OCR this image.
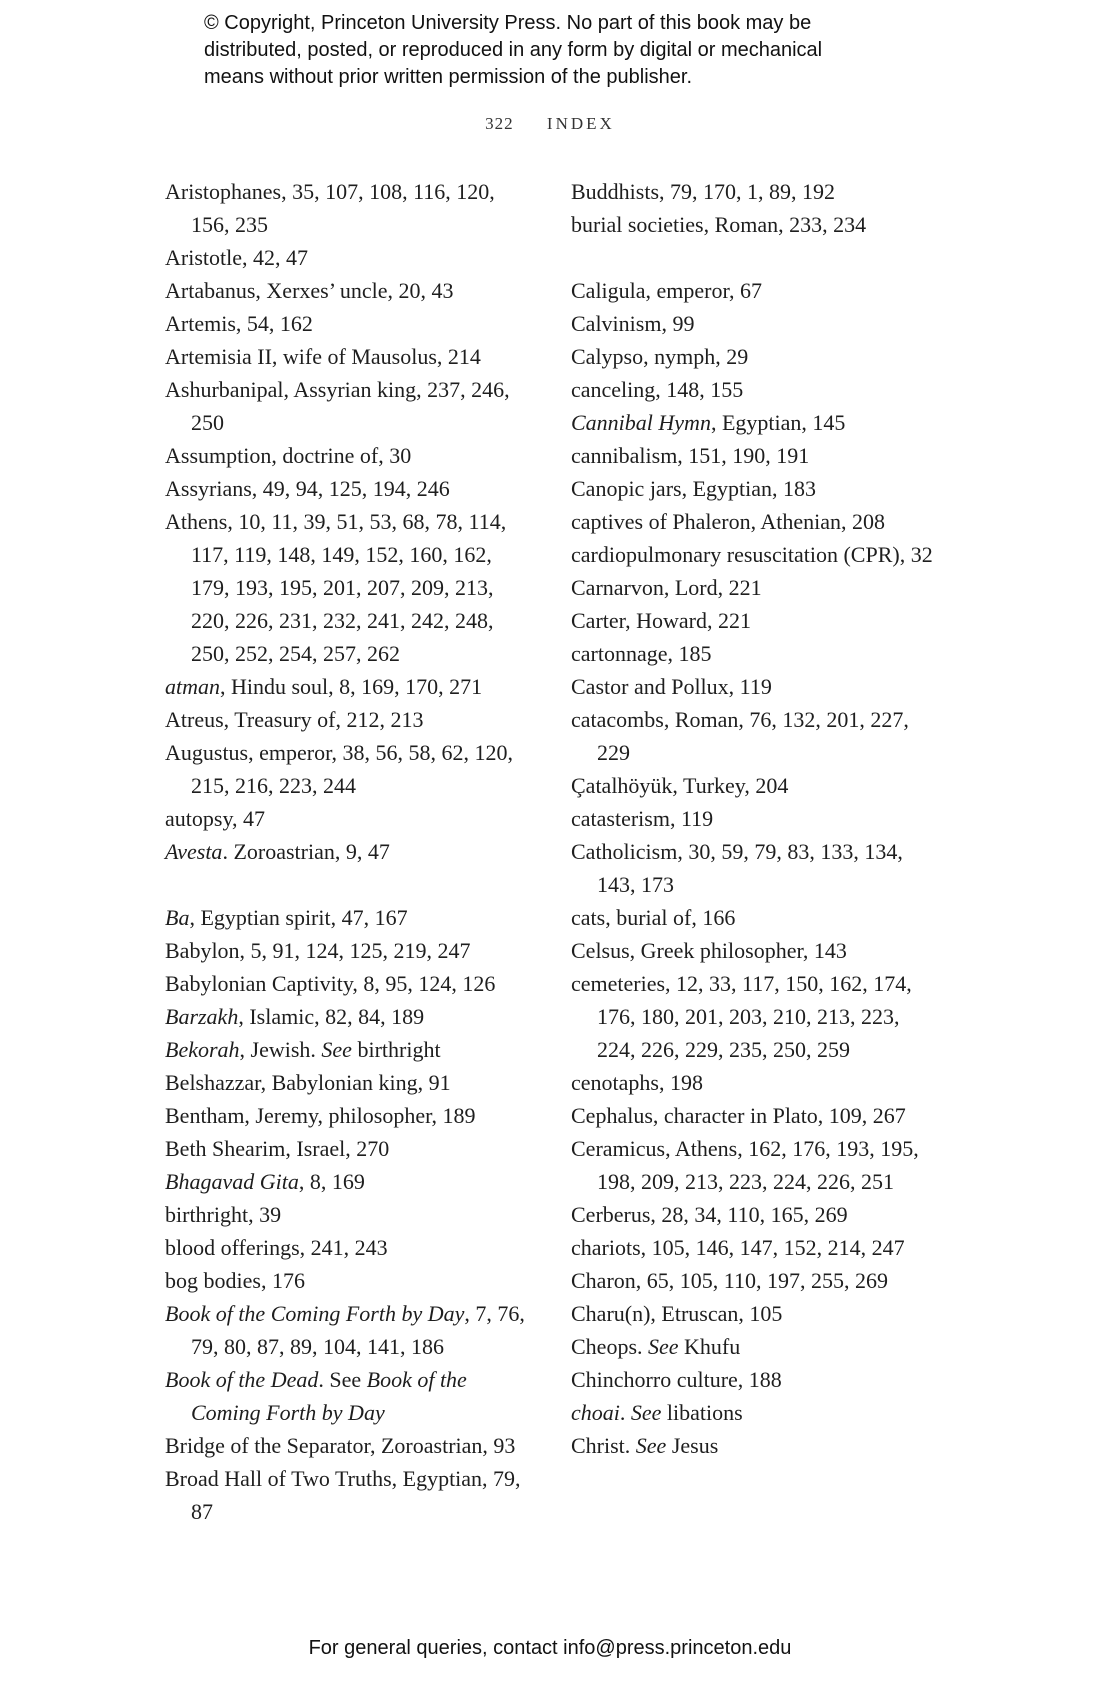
© Copyright, Princeton University Press. No part of this book may be
distributed, posted, or reproduced in any form by digital or mechanical
means without prior written permission of the publisher.
322 INDEX
Aristophanes, 35, 107, 108, 116, 120, 156, 235
Aristotle, 42, 47
Artabanus, Xerxes’ uncle, 20, 43
Artemis, 54, 162
Artemisia II, wife of Mausolus, 214
Ashurbanipal, Assyrian king, 237, 246, 250
Assumption, doctrine of, 30
Assyrians, 49, 94, 125, 194, 246
Athens, 10, 11, 39, 51, 53, 68, 78, 114, 117, 119, 148, 149, 152, 160, 162, 179, 193, 195, 201, 207, 209, 213, 220, 226, 231, 232, 241, 242, 248, 250, 252, 254, 257, 262
atman, Hindu soul, 8, 169, 170, 271
Atreus, Treasury of, 212, 213
Augustus, emperor, 38, 56, 58, 62, 120, 215, 216, 223, 244
autopsy, 47
Avesta. Zoroastrian, 9, 47
Ba, Egyptian spirit, 47, 167
Babylon, 5, 91, 124, 125, 219, 247
Babylonian Captivity, 8, 95, 124, 126
Barzakh, Islamic, 82, 84, 189
Bekorah, Jewish. See birthright
Belshazzar, Babylonian king, 91
Bentham, Jeremy, philosopher, 189
Beth Shearim, Israel, 270
Bhagavad Gita, 8, 169
birthright, 39
blood offerings, 241, 243
bog bodies, 176
Book of the Coming Forth by Day, 7, 76, 79, 80, 87, 89, 104, 141, 186
Book of the Dead. See Book of the Coming Forth by Day
Bridge of the Separator, Zoroastrian, 93
Broad Hall of Two Truths, Egyptian, 79, 87
Buddhists, 79, 170, 1, 89, 192
burial societies, Roman, 233, 234
Caligula, emperor, 67
Calvinism, 99
Calypso, nymph, 29
canceling, 148, 155
Cannibal Hymn, Egyptian, 145
cannibalism, 151, 190, 191
Canopic jars, Egyptian, 183
captives of Phaleron, Athenian, 208
cardiopulmonary resuscitation (CPR), 32
Carnarvon, Lord, 221
Carter, Howard, 221
cartonnage, 185
Castor and Pollux, 119
catacombs, Roman, 76, 132, 201, 227, 229
Çatalhöyük, Turkey, 204
catasterism, 119
Catholicism, 30, 59, 79, 83, 133, 134, 143, 173
cats, burial of, 166
Celsus, Greek philosopher, 143
cemeteries, 12, 33, 117, 150, 162, 174, 176, 180, 201, 203, 210, 213, 223, 224, 226, 229, 235, 250, 259
cenotaphs, 198
Cephalus, character in Plato, 109, 267
Ceramicus, Athens, 162, 176, 193, 195, 198, 209, 213, 223, 224, 226, 251
Cerberus, 28, 34, 110, 165, 269
chariots, 105, 146, 147, 152, 214, 247
Charon, 65, 105, 110, 197, 255, 269
Charu(n), Etruscan, 105
Cheops. See Khufu
Chinchorro culture, 188
choai. See libations
Christ. See Jesus
For general queries, contact info@press.princeton.edu
